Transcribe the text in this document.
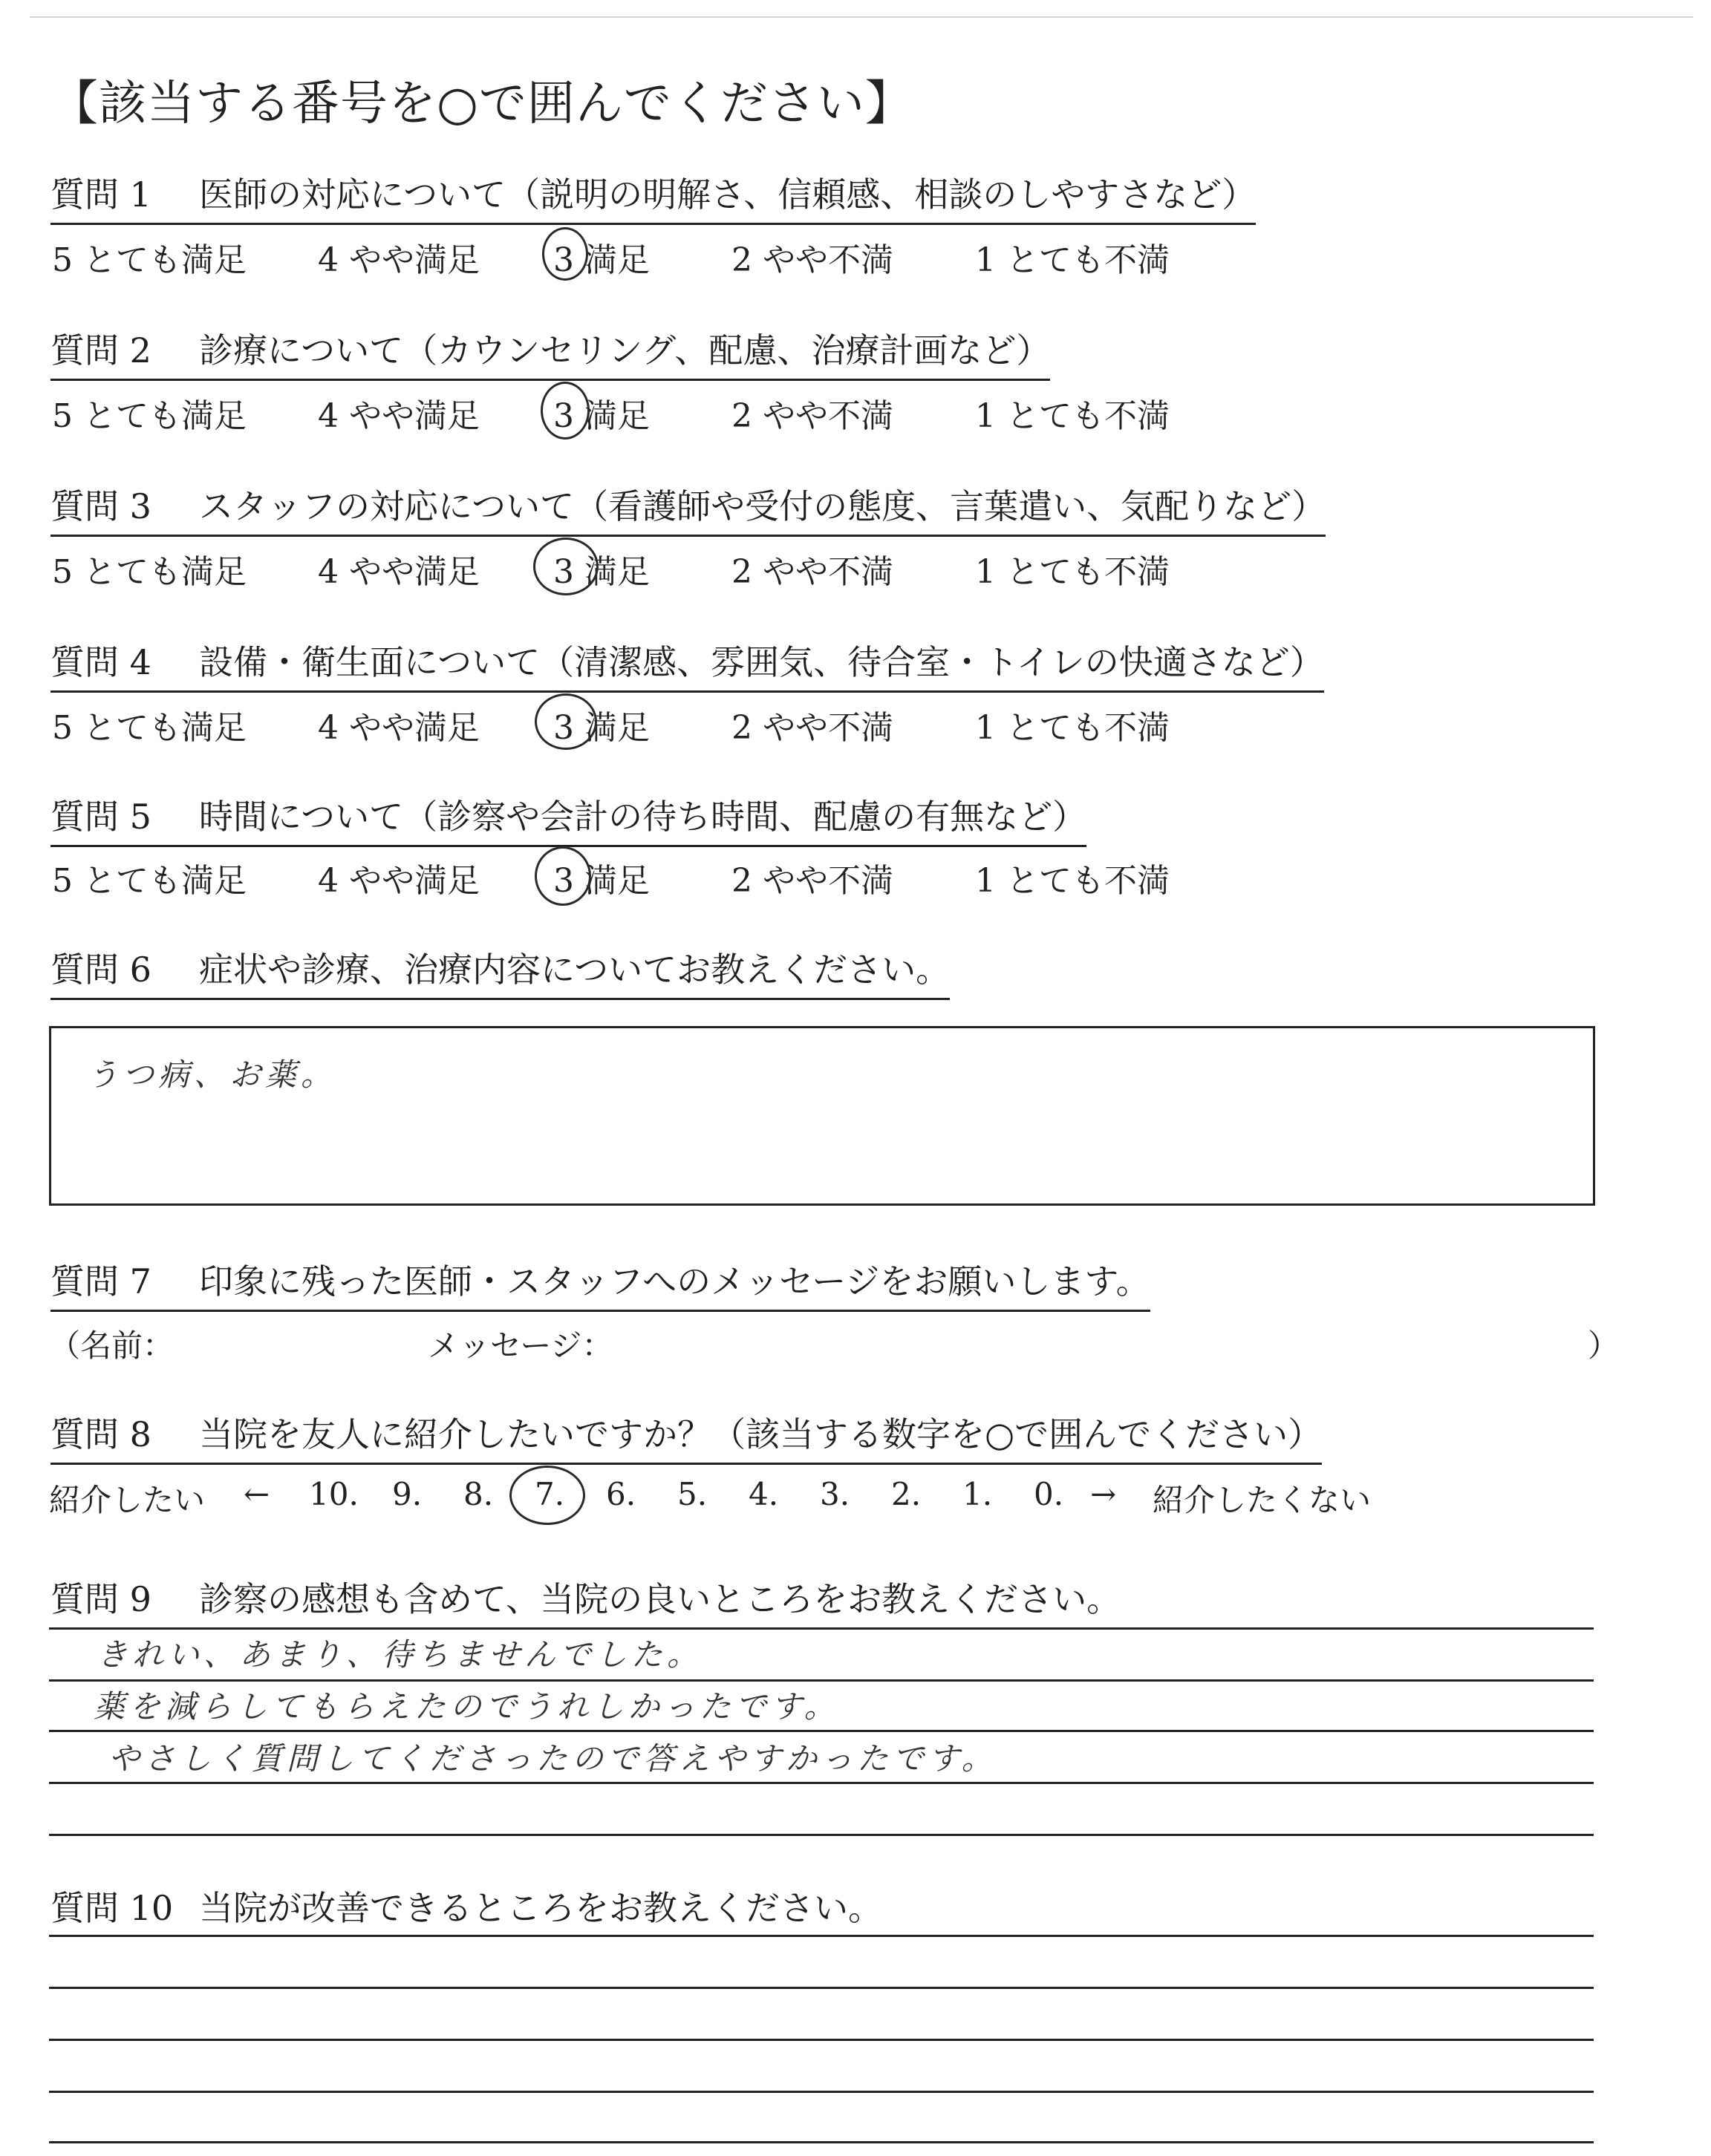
【該当する番号を○で囲んでください】
質問 1 医師の対応について（説明の明解さ、信頼感、相談のしやすさなど）
5 とても満足 4 やや満足 3 満足	2 やや不満	1 とても不満
質問 2 診療について（カウンセリング、配慮、治療計画など）
5 とても満足 4 やや満足 3 満足	2 やや不満	1 とても不満
質問 3 スタッフの対応について（看護師や受付の態度、言葉遣い、気配りなど）
5 とても満足 4 やや満足 3 満足	2 やや不満	1 とても不満
質問 4 設備・衛生面について（清潔感、雰囲気、待合室・トイレの快適さなど）
5 とても満足 4 やや満足 3 満足	2 やや不満	1 とても不満
質問 5 時間について（診察や会計の待ち時間、配慮の有無など）
5 とても満足 4 やや満足 3 満足	2 やや不満	1 とても不満
質問 6 症状や診療、治療内容についてお教えください。
うつ病、お薬。
質問 7 印象に残った医師・スタッフへのメッセージをお願いします。
（名前：	メッセージ：	）
質問 8 当院を友人に紹介したいですか？（該当する数字を○で囲んでください）
紹介したい ← 10. 9. 8. 7. 6. 5. 4. 3. 2. 1. 0. → 紹介したくない
質問 9 診察の感想も含めて、当院の良いところをお教えください。
きれい、あまり、待ちませんでした。
薬を減らしてもらえたのでうれしかったです。
やさしく質問してくださったので答えやすかったです。
質問 10 当院が改善できるところをお教えください。
